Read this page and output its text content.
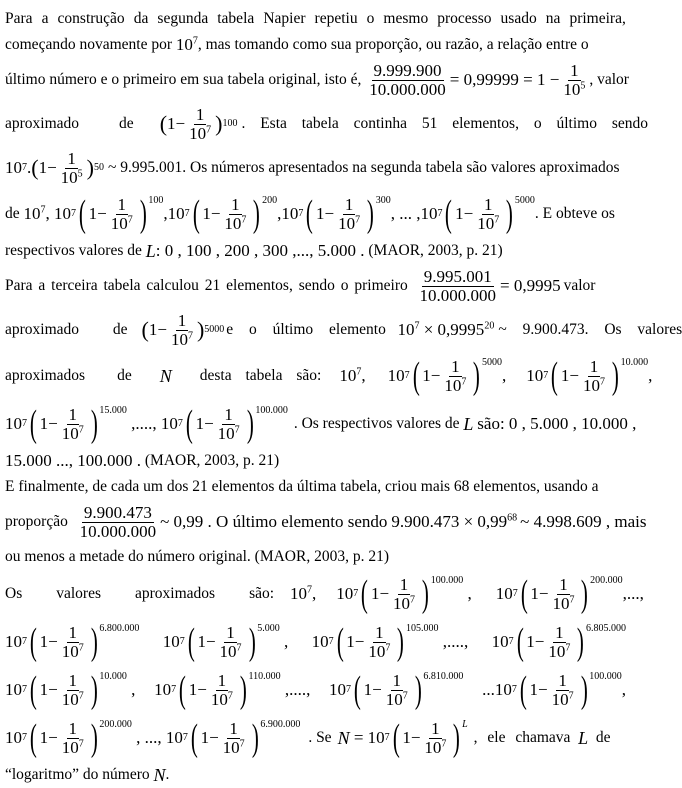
Para a construção da segunda tabela Napier repetiu o mesmo processo usado na primeira,
começando novamente por
$10^7$ , mas tomando como sua proporção, ou razão, a relação entre o
último número e o primeiro em sua tabela original, isto é,
$\frac{9.999.900}{10.000.000} = 0,99999 = 1 - \frac{1}{10^5}$ , valor
aproximado	de ( $1 - \frac{1}{10^7}$ ) 100 . Esta tabela continha 51 elementos, o último sendo
10 7 . ( $1 - \frac{1}{10^5}$ ) 50 ~ 9.995.001. Os números apresentados na segunda tabela são valores aproximados
de
$10^7$, 10 7 ( $1 - \frac{1}{10^7}$ ) 100
, 10 7 ( $1 - \frac{1}{10^7}$ ) 200
, 10 7 ( $1 - \frac{1}{10^7}$ ) 300
, ... , 10 7 ( $1 - \frac{1}{10^7}$ ) 5000
. E obteve os
respectivos valores de
L : 0 , 100 , 200 , 300 ,..., 5.000 .
(MAOR, 2003, p. 21)
Para a terceira tabela calculou 21 elementos, sendo o primeiro
$\frac{9.995.001}{10.000.000} = 0,9995$ valor
aproximado de ( $1 - \frac{1}{10^7}$ ) 5000 e o último elemento
$10^7 \times 0,9995^{20}$ ~ 9.900.473. Os valores
aproximados de N desta tabela são: $10^7$, 10 7 ( $1 - \frac{1}{10^7}$ ) 5000
, 10 7 ( $1 - \frac{1}{10^7}$ ) 10.000
,
10 7 ( $1 - \frac{1}{10^7}$ ) 15.000
,...., 10 7 ( $1 - \frac{1}{10^7}$ ) 100.000
. Os respectivos valores de
L
são: 0 , 5.000 , 10.000 ,
15.000 ..., 100.000 .
(MAOR, 2003, p. 21)
E finalmente, de cada um dos 21 elementos da última tabela, criou mais 68 elementos, usando a
proporção
$\frac{9.900.473}{10.000.000}$ ~ 0,99 . O último elemento sendo
$9.900.473 \times 0,99^{68}$ ~ 4.998.609 , mais
ou menos a metade do número original.
(MAOR, 2003, p. 21)
Os valores aproximados são: $10^7$, 10 7 ( $1 - \frac{1}{10^7}$ ) 100.000
, 10 7 ( $1 - \frac{1}{10^7}$ ) 200.000
,...,
10 7 ( $1 - \frac{1}{10^7}$ ) 6.800.000
10 7 ( $1 - \frac{1}{10^7}$ ) 5.000
, 10 7 ( $1 - \frac{1}{10^7}$ ) 105.000
,...., 10 7 ( $1 - \frac{1}{10^7}$ ) 6.805.000
10 7 ( $1 - \frac{1}{10^7}$ ) 10.000
, 10 7 ( $1 - \frac{1}{10^7}$ ) 110.000
,...., 10 7 ( $1 - \frac{1}{10^7}$ ) 6.810.000
... 10 7 ( $1 - \frac{1}{10^7}$ ) 100.000
,
10 7 ( $1 - \frac{1}{10^7}$ ) 200.000
, ..., 10 7 ( $1 - \frac{1}{10^7}$ ) 6.900.000
. Se N = 10 7 ( $1 - \frac{1}{10^7}$ ) L
, ele chamava
L
de
“logaritmo” do número
N .
